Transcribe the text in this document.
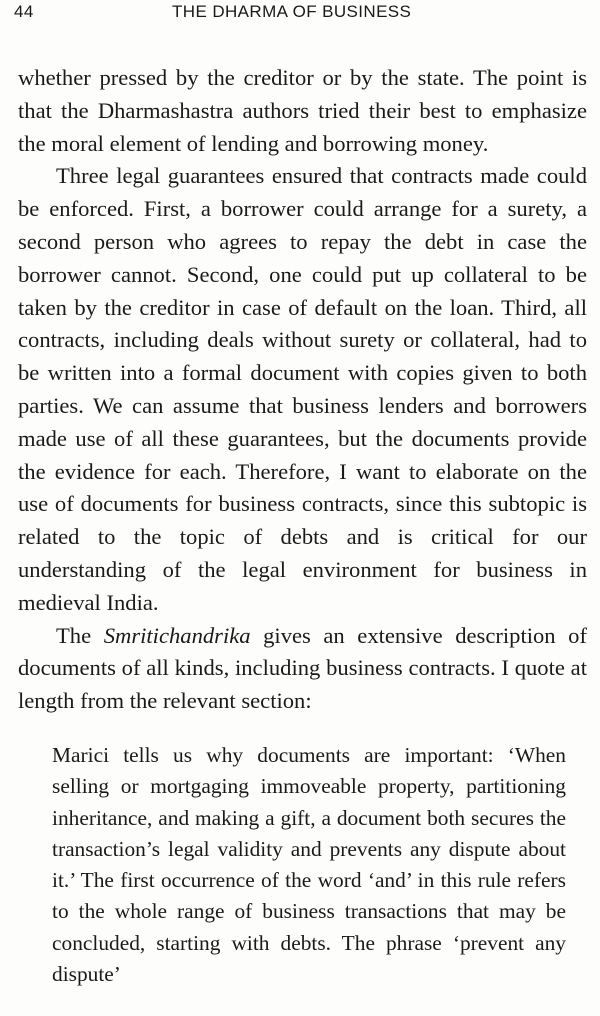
44	THE DHARMA OF BUSINESS

whether pressed by the creditor or by the state. The point is that the Dharmashastra authors tried their best to emphasize the moral element of lending and borrowing money.

Three legal guarantees ensured that contracts made could be enforced. First, a borrower could arrange for a surety, a second person who agrees to repay the debt in case the borrower cannot. Second, one could put up collateral to be taken by the creditor in case of default on the loan. Third, all contracts, including deals without surety or collateral, had to be written into a formal document with copies given to both parties. We can assume that business lenders and borrowers made use of all these guarantees, but the documents provide the evidence for each. Therefore, I want to elaborate on the use of documents for business contracts, since this subtopic is related to the topic of debts and is critical for our understanding of the legal environment for business in medieval India.

The Smritichandrika gives an extensive description of documents of all kinds, including business contracts. I quote at length from the relevant section:

Marici tells us why documents are important: ‘When selling or mortgaging immoveable property, partitioning inheritance, and making a gift, a document both secures the transaction’s legal validity and prevents any dispute about it.’ The first occurrence of the word ‘and’ in this rule refers to the whole range of business transactions that may be concluded, starting with debts. The phrase ‘prevent any dispute’
